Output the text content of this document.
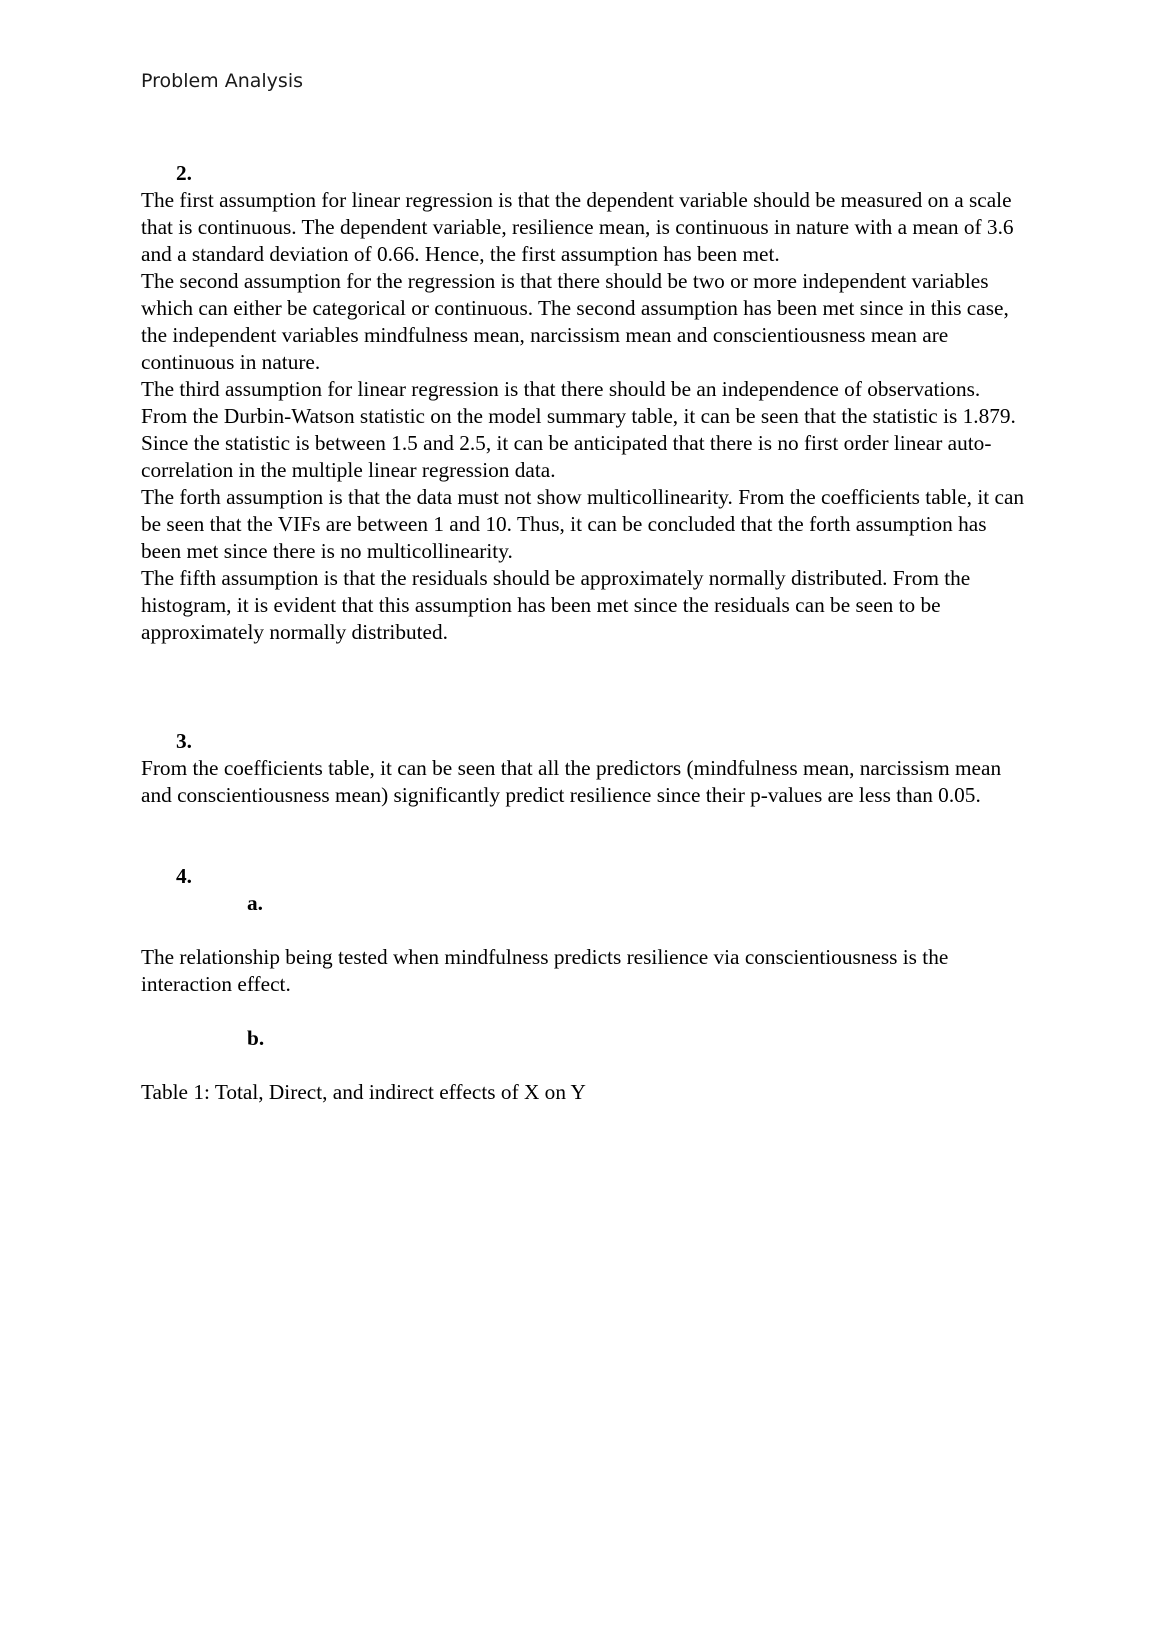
Problem Analysis

2.

The first assumption for linear regression is that the dependent variable should be measured on a scale that is continuous. The dependent variable, resilience mean, is continuous in nature with a mean of 3.6 and a standard deviation of 0.66. Hence, the first assumption has been met.

The second assumption for the regression is that there should be two or more independent variables which can either be categorical or continuous. The second assumption has been met since in this case, the independent variables mindfulness mean, narcissism mean and conscientiousness mean are continuous in nature.

The third assumption for linear regression is that there should be an independence of observations. From the Durbin-Watson statistic on the model summary table, it can be seen that the statistic is 1.879. Since the statistic is between 1.5 and 2.5, it can be anticipated that there is no first order linear auto-correlation in the multiple linear regression data.

The forth assumption is that the data must not show multicollinearity. From the coefficients table, it can be seen that the VIFs are between 1 and 10. Thus, it can be concluded that the forth assumption has been met since there is no multicollinearity.

The fifth assumption is that the residuals should be approximately normally distributed. From the histogram, it is evident that this assumption has been met since the residuals can be seen to be approximately normally distributed.

3.

From the coefficients table, it can be seen that all the predictors (mindfulness mean, narcissism mean and conscientiousness mean) significantly predict resilience since their p-values are less than 0.05.

4.

a.

The relationship being tested when mindfulness predicts resilience via conscientiousness is the interaction effect.

b.

Table 1: Total, Direct, and indirect effects of X on Y
